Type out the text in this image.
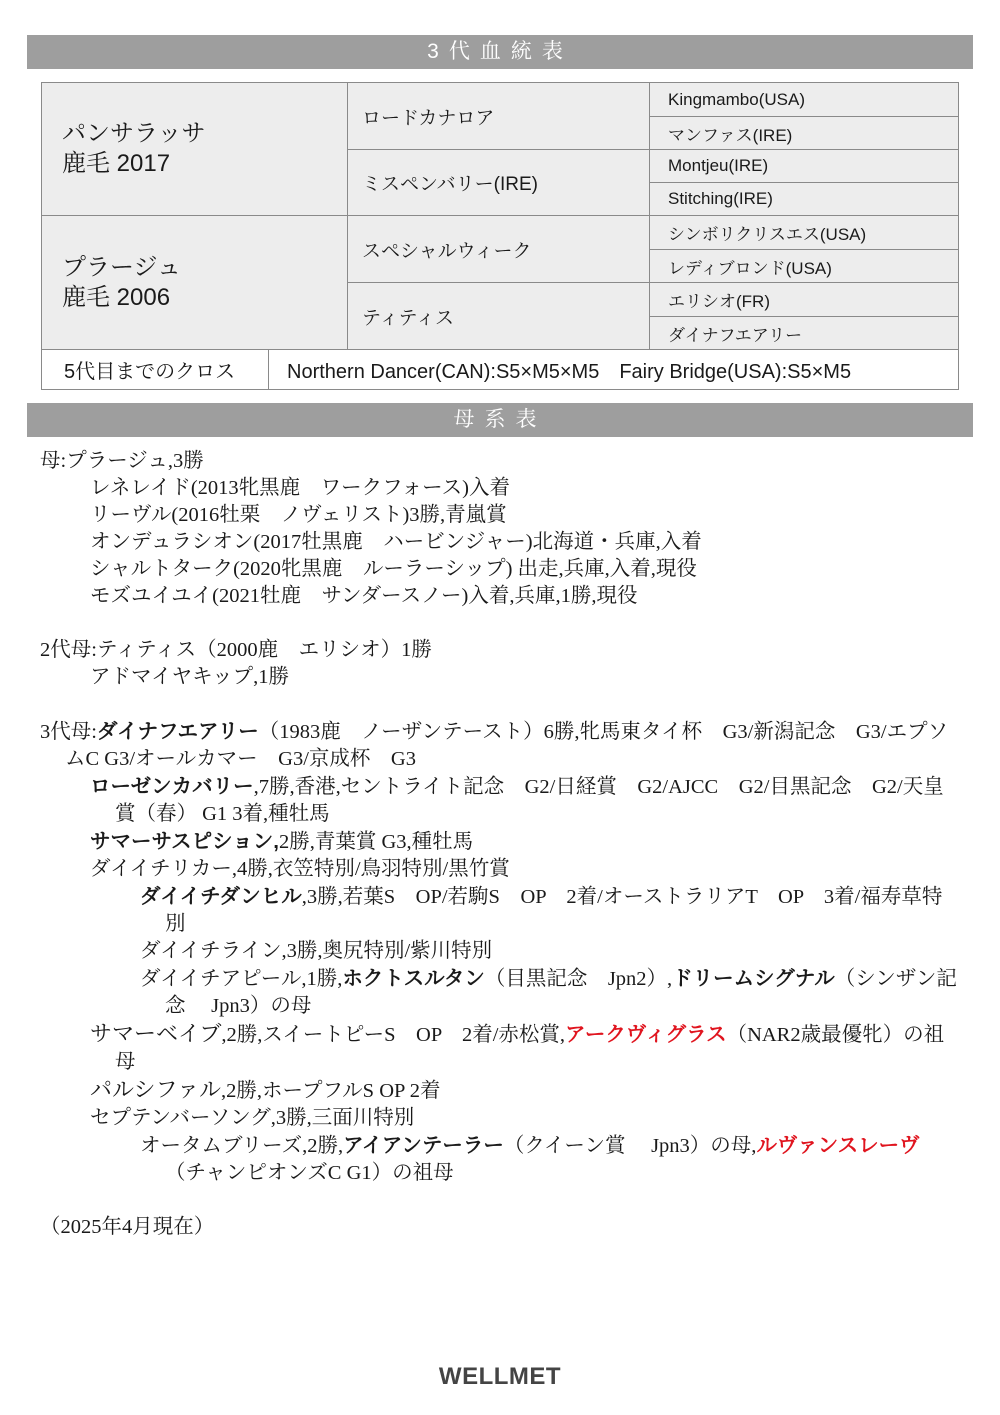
3代血統表
パンサラッサ
鹿毛 2017
プラージュ
鹿毛 2006
ロードカナロア
ミスペンバリー(IRE)
スペシャルウィーク
ティティス
Kingmambo(USA)
マンファス(IRE)
Montjeu(IRE)
Stitching(IRE)
シンボリクリスエス(USA)
レディブロンド(USA)
エリシオ(FR)
ダイナフエアリー
5代目までのクロス	Northern Dancer(CAN):S5×M5×M5　Fairy Bridge(USA):S5×M5
母系表
母:プラージュ,3勝
レネレイド(2013牝黒鹿　ワークフォース)入着
リーヴル(2016牡栗　ノヴェリスト)3勝,青嵐賞
オンデュラシオン(2017牡黒鹿　ハービンジャー)北海道・兵庫,入着
シャルトターク(2020牝黒鹿　ルーラーシップ) 出走,兵庫,入着,現役
モズユイユイ(2021牡鹿　サンダースノー)入着,兵庫,1勝,現役
2代母:ティティス（2000鹿　エリシオ）1勝
アドマイヤキップ,1勝
3代母:ダイナフエアリー（1983鹿　ノーザンテースト）6勝,牝馬東タイ杯　G3/新潟記念　G3/エプソムC G3/オールカマー　G3/京成杯　G3
ローゼンカバリー,7勝,香港,セントライト記念　G2/日経賞　G2/AJCC　G2/目黒記念　G2/天皇賞（春） G1 3着,種牡馬
サマーサスピション,2勝,青葉賞 G3,種牡馬
ダイイチリカー,4勝,衣笠特別/鳥羽特別/黒竹賞
ダイイチダンヒル,3勝,若葉S　OP/若駒S　OP　2着/オーストラリアT　OP　3着/福寿草特別
ダイイチライン,3勝,奥尻特別/紫川特別
ダイイチアピール,1勝,ホクトスルタン（目黒記念　Jpn2）,ドリームシグナル（シンザン記念　 Jpn3）の母
サマーベイブ,2勝,スイートピーS　OP　2着/赤松賞,アークヴィグラス（NAR2歳最優牝）の祖母
パルシファル,2勝,ホープフルS OP 2着
セプテンバーソング,3勝,三面川特別
オータムブリーズ,2勝,アイアンテーラー（クイーン賞　 Jpn3）の母,ルヴァンスレーヴ（チャンピオンズC G1）の祖母
（2025年4月現在）
WELLMET
